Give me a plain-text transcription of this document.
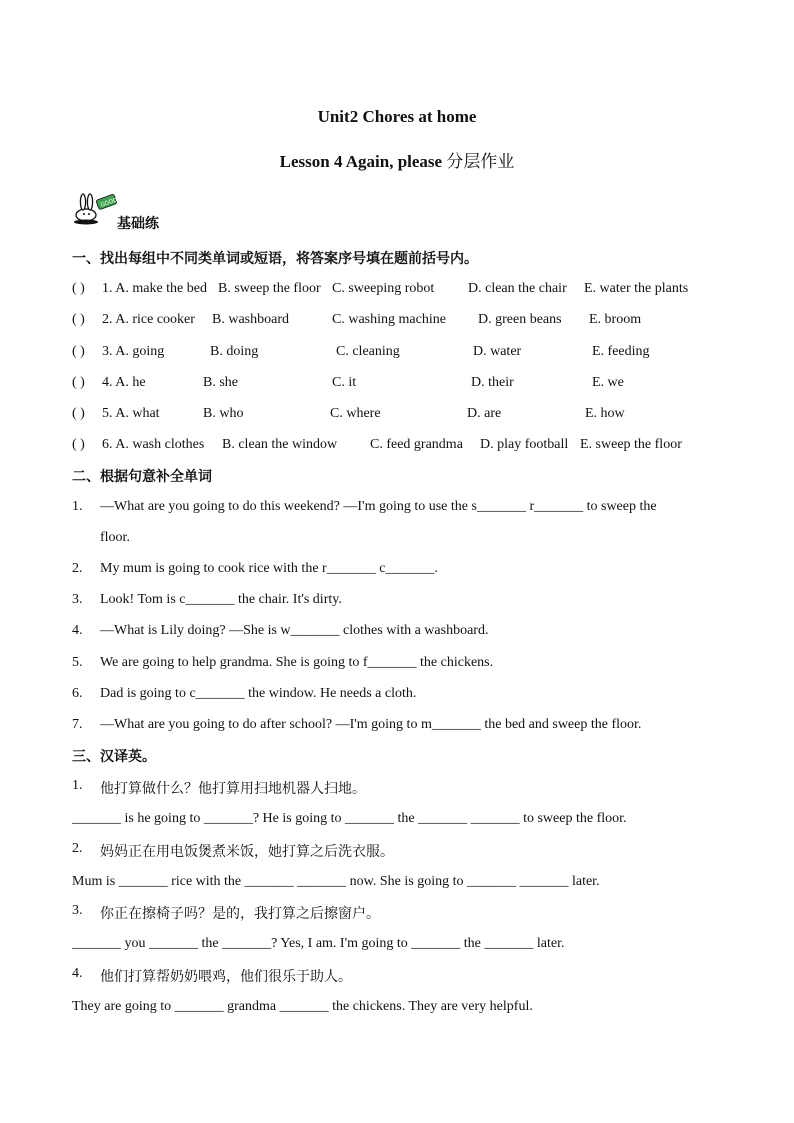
Unit2 Chores at home
Lesson 4 Again, please 分层作业
GOOD
基础练
一、找出每组中不同类单词或短语，将答案序号填在题前括号内。
( ) 1. A. make the bed B. sweep the floor C. sweeping robot D. clean the chair E. water the plants
( ) 2. A. rice cooker B. washboard	C. washing machine D. green beans E. broom
( ) 3. A. going	B. doing	C. cleaning	D. water	E. feeding
( ) 4. A. he	B. she	C. it	D. their	E. we
( ) 5. A. what	B. who	C. where	D. are	E. how
( ) 6. A. wash clothes B. clean the window C. feed grandma D. play football E. sweep the floor
二、根据句意补全单词
1. —What are you going to do this weekend? —I'm going to use the s_______ r_______ to sweep the
floor.
2. My mum is going to cook rice with the r_______ c_______.
3. Look! Tom is c_______ the chair. It's dirty.
4. —What is Lily doing? —She is w_______ clothes with a washboard.
5. We are going to help grandma. She is going to f_______ the chickens.
6. Dad is going to c_______ the window. He needs a cloth.
7. —What are you going to do after school? —I'm going to m_______ the bed and sweep the floor.
三、汉译英。
1. 他打算做什么？他打算用扫地机器人扫地。
_______ is he going to _______? He is going to _______ the _______ _______ to sweep the floor.
2. 妈妈正在用电饭煲煮米饭，她打算之后洗衣服。
Mum is _______ rice with the _______ _______ now. She is going to _______ _______ later.
3. 你正在擦椅子吗？是的，我打算之后擦窗户。
_______ you _______ the _______? Yes, I am. I'm going to _______ the _______ later.
4. 他们打算帮奶奶喂鸡，他们很乐于助人。
They are going to _______ grandma _______ the chickens. They are very helpful.
